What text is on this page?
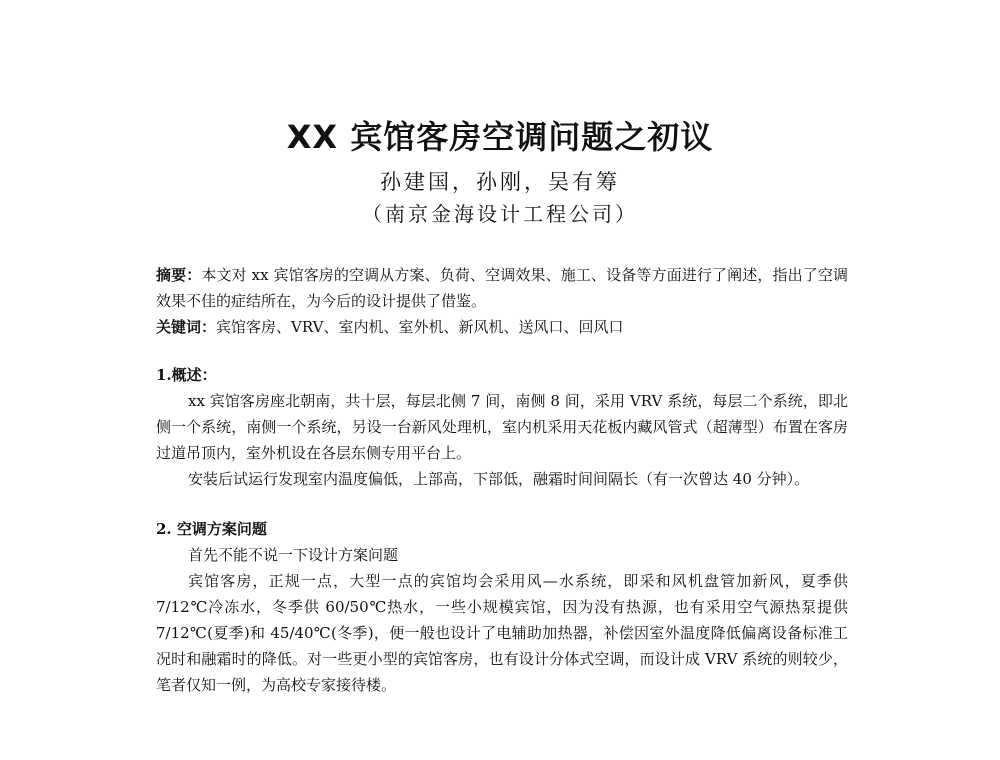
XX 宾馆客房空调问题之初议
孙建国，孙刚，吴有筹
（南京金海设计工程公司）

摘要：本文对 xx 宾馆客房的空调从方案、负荷、空调效果、施工、设备等方面进行了阐述，指出了空调效果不佳的症结所在，为今后的设计提供了借鉴。

关键词：宾馆客房、VRV、室内机、室外机、新风机、送风口、回风口

1.概述：

xx 宾馆客房座北朝南，共十层，每层北侧 7 间，南侧 8 间，采用 VRV 系统，每层二个系统，即北侧一个系统，南侧一个系统，另设一台新风处理机，室内机采用天花板内藏风管式（超薄型）布置在客房过道吊顶内，室外机设在各层东侧专用平台上。

安装后试运行发现室内温度偏低，上部高，下部低，融霜时间间隔长（有一次曾达 40 分钟）。

2. 空调方案问题

首先不能不说一下设计方案问题

宾馆客房，正规一点，大型一点的宾馆均会采用风—水系统，即采和风机盘管加新风，夏季供 7/12℃冷冻水，冬季供 60/50℃热水，一些小规模宾馆，因为没有热源，也有采用空气源热泵提供 7/12℃(夏季)和 45/40℃(冬季)，便一般也设计了电辅助加热器，补偿因室外温度降低偏离设备标准工况时和融霜时的降低。对一些更小型的宾馆客房，也有设计分体式空调，而设计成 VRV 系统的则较少，笔者仅知一例，为高校专家接待楼。
